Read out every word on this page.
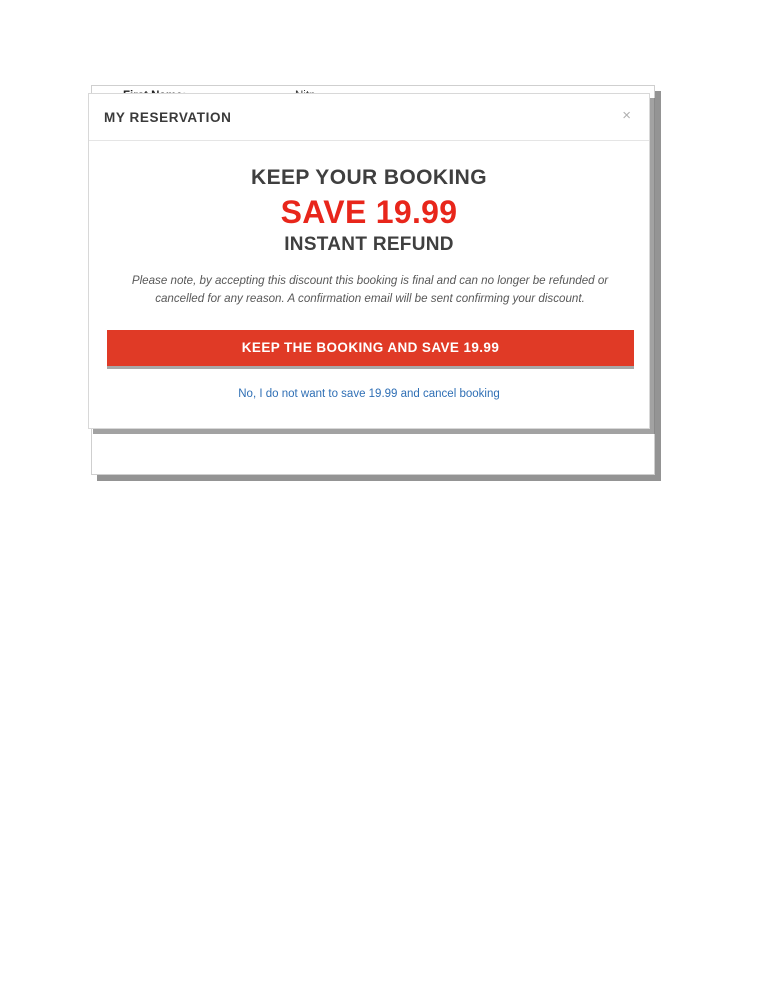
MY RESERVATION	×
KEEP YOUR BOOKING
SAVE 19.99
INSTANT REFUND
Please note, by accepting this discount this booking is final and can no longer be refunded or cancelled for any reason. A confirmation email will be sent confirming your discount.
KEEP THE BOOKING AND SAVE 19.99
No, I do not want to save 19.99 and cancel booking
